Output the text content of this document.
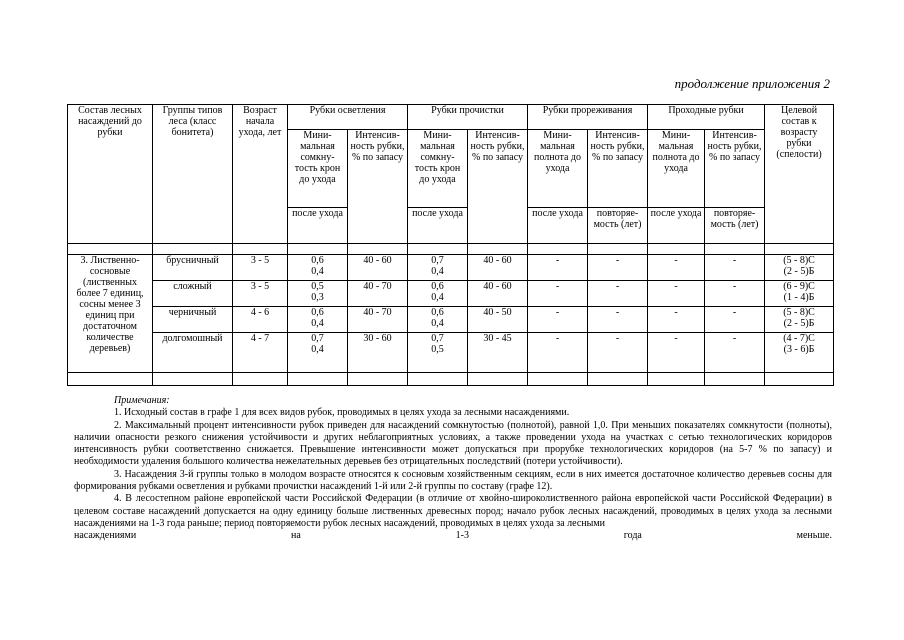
продолжение приложения 2
Состав лесных насаждений до рубки	Группы типов леса (класс бонитета)	Возраст начала ухода, лет	Рубки осветления		Рубки прочистки		Рубки прореживания		Проходные рубки		Целевой состав к возрасту рубки (спелости)
			Мини-мальная сомкну-тость крон до ухода	Интенсив-ность рубки, % по запасу	Мини-мальная сомкну-тость крон до ухода	Интенсив-ность рубки, % по запасу	Мини-мальная полнота до ухода	Интенсив-ность рубки, % по запасу	Мини-мальная полнота до ухода	Интенсив-ность рубки, % по запасу	
			после ухода		после ухода		после ухода	повторяе-мость (лет)	после ухода	повторяе-мость (лет)	

3. Лиственно-сосновые (лиственных более 7 единиц, сосны менее 3 единиц при достаточном количестве деревьев)	брусничный	3 - 5	0,6
0,4	40 - 60	0,7
0,4	40 - 60	-	-	-	-	(5 - 8)С
(2 - 5)Б
	сложный	3 - 5	0,5
0,3	40 - 70	0,6
0,4	40 - 60	-	-	-	-	(6 - 9)С
(1 - 4)Б
	черничный	4 - 6	0,6
0,4	40 - 70	0,6
0,4	40 - 50	-	-	-	-	(5 - 8)С
(2 - 5)Б
	долгомошный	4 - 7	0,7
0,4	30 - 60	0,7
0,5	30 - 45	-	-	-	-	(4 - 7)С
(3 - 6)Б

Примечания:

1. Исходный состав в графе 1 для всех видов рубок, проводимых в целях ухода за лесными насаждениями.

2. Максимальный процент интенсивности рубок приведен для насаждений сомкнутостью (полнотой), равной 1,0. При меньших показателях сомкнутости (полноты), наличии опасности резкого снижения устойчивости и других неблагоприятных условиях, а также проведении ухода на участках с сетью технологических коридоров интенсивность рубки соответственно снижается. Превышение интенсивности может допускаться при прорубке технологических коридоров (на 5-7 % по запасу) и необходимости удаления большого количества нежелательных деревьев без отрицательных последствий (потери устойчивости).

3. Насаждения 3-й группы только в молодом возрасте относятся к сосновым хозяйственным секциям, если в них имеется достаточное количество деревьев сосны для формирования рубками осветления и рубками прочистки насаждений 1-й или 2-й группы по составу (графе 12).

4. В лесостепном районе европейской части Российской Федерации (в отличие от хвойно-широколиственного района европейской части Российской Федерации) в целевом составе насаждений допускается на одну единицу больше лиственных древесных пород; начало рубок лесных насаждений, проводимых в целях ухода за лесными насаждениями на 1-3 года раньше; период повторяемости рубок лесных насаждений, проводимых в целях ухода за лесными

насаждениями	на	1-3	года	меньше.
